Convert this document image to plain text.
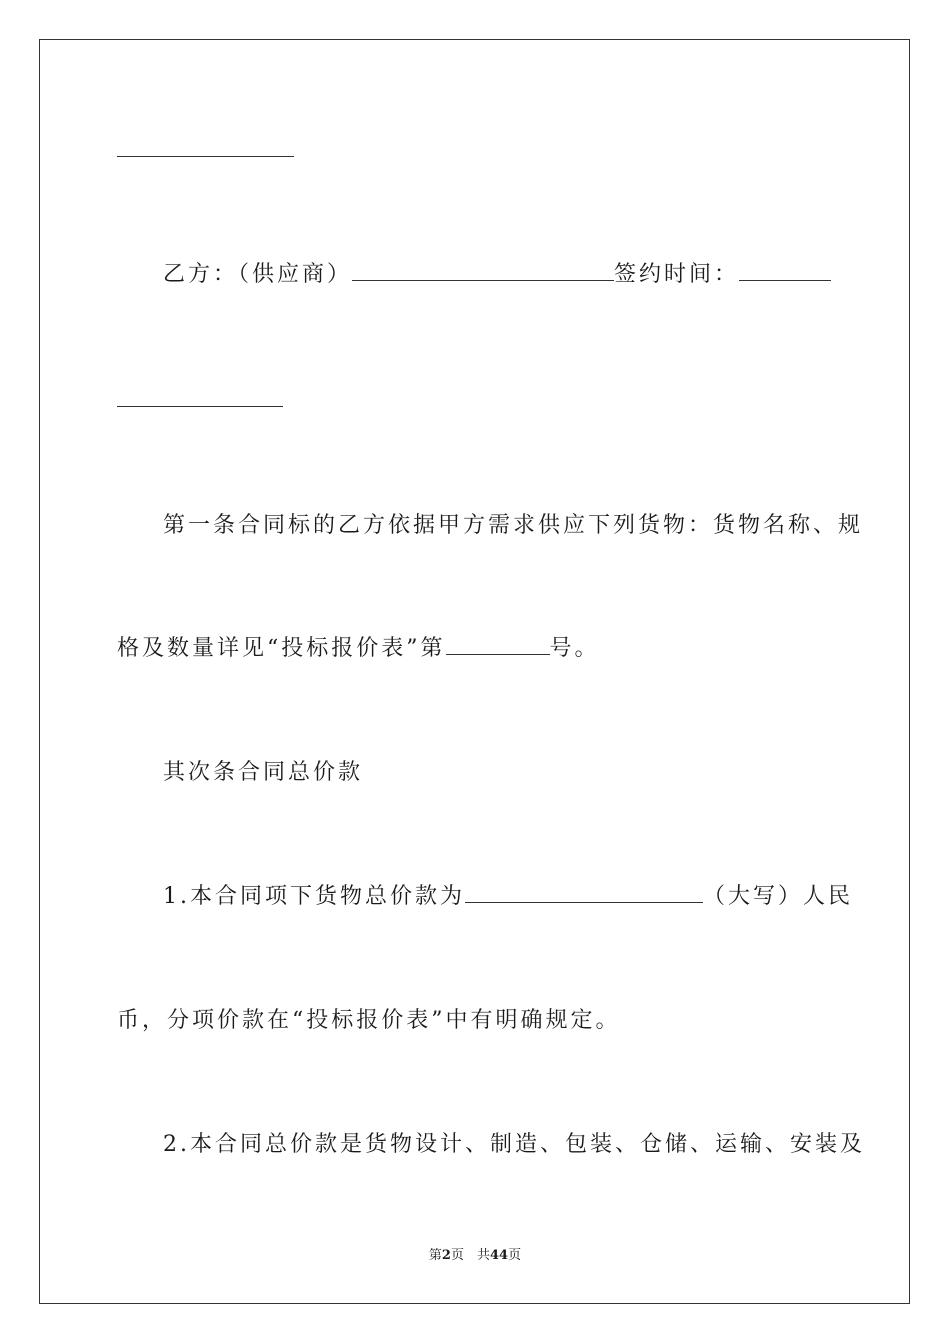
乙方：（供应商）	签约时间：
第一条合同标的乙方依据甲方需求供应下列货物：货物名称、规
格及数量详见“投标报价表”第	号。
其次条合同总价款
1.本合同项下货物总价款为	（大写）人民
币，分项价款在“投标报价表”中有明确规定。
2.本合同总价款是货物设计、制造、包装、仓储、运输、安装及
第2页　共44页
